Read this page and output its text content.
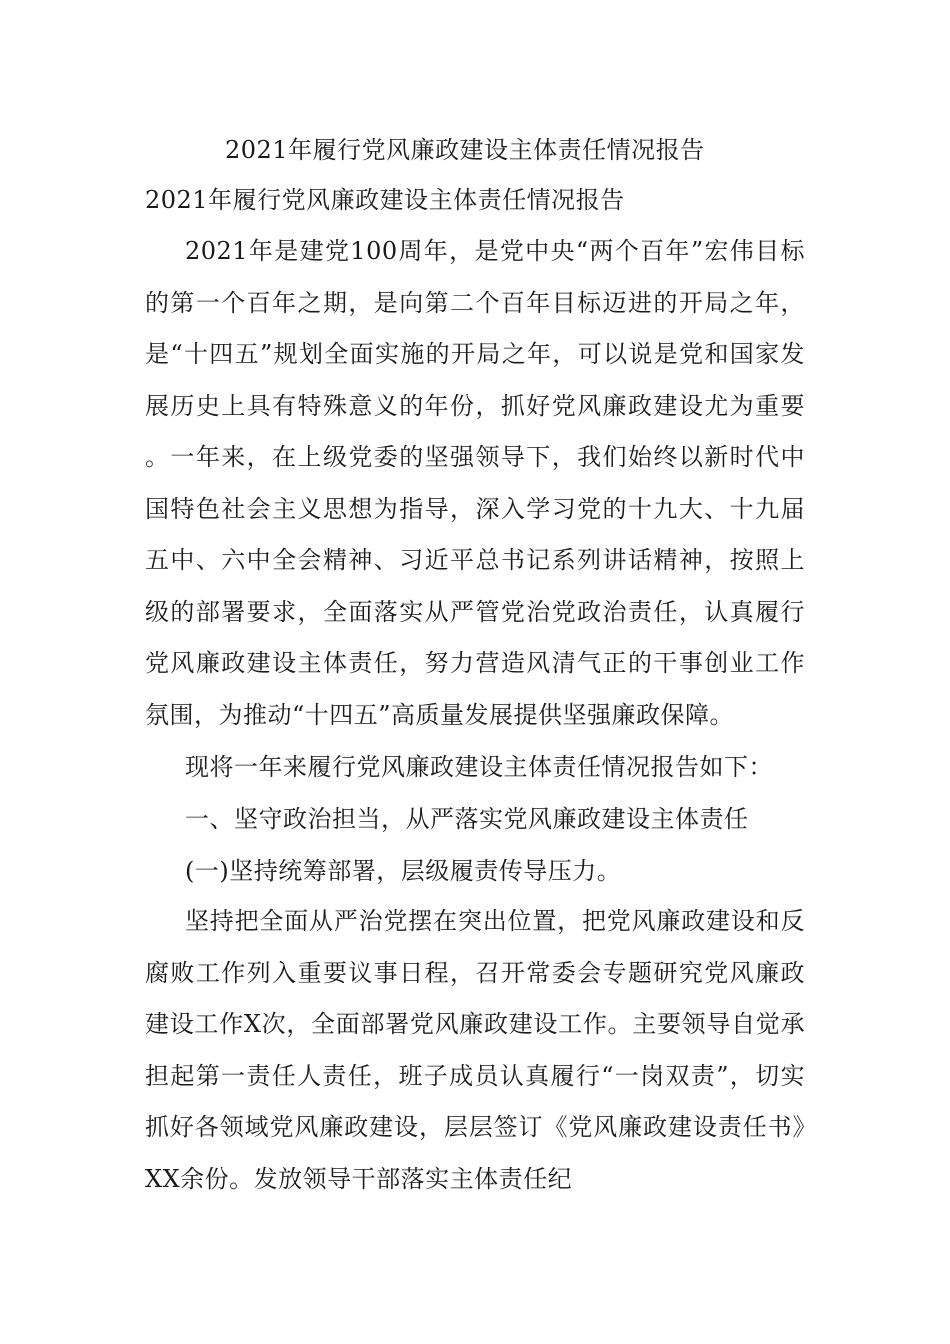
2021年履行党风廉政建设主体责任情况报告
2021年履行党风廉政建设主体责任情况报告
2021年是建党100周年，是党中央“两个百年”宏伟目标的第一个百年之期，是向第二个百年目标迈进的开局之年，是“十四五”规划全面实施的开局之年，可以说是党和国家发展历史上具有特殊意义的年份，抓好党风廉政建设尤为重要。一年来，在上级党委的坚强领导下，我们始终以新时代中国特色社会主义思想为指导，深入学习党的十九大、十九届五中、六中全会精神、习近平总书记系列讲话精神，按照上级的部署要求，全面落实从严管党治党政治责任，认真履行党风廉政建设主体责任，努力营造风清气正的干事创业工作氛围，为推动“十四五”高质量发展提供坚强廉政保障。
现将一年来履行党风廉政建设主体责任情况报告如下：
一、坚守政治担当，从严落实党风廉政建设主体责任
(一)坚持统筹部署，层级履责传导压力。
坚持把全面从严治党摆在突出位置，把党风廉政建设和反腐败工作列入重要议事日程，召开常委会专题研究党风廉政建设工作X次，全面部署党风廉政建设工作。主要领导自觉承担起第一责任人责任，班子成员认真履行“一岗双责”，切实抓好各领域党风廉政建设，层层签订《党风廉政建设责任书》XX余份。发放领导干部落实主体责任纪
